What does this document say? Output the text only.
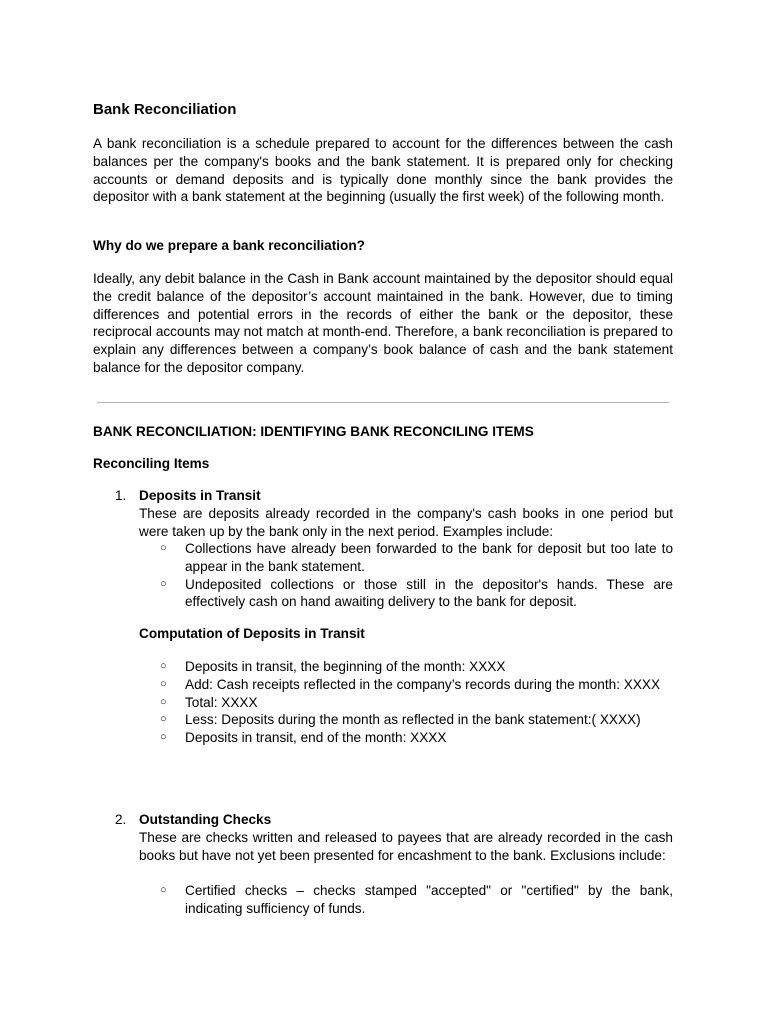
Bank Reconciliation

A bank reconciliation is a schedule prepared to account for the differences between the cash balances per the company's books and the bank statement. It is prepared only for checking accounts or demand deposits and is typically done monthly since the bank provides the depositor with a bank statement at the beginning (usually the first week) of the following month.

Why do we prepare a bank reconciliation?

Ideally, any debit balance in the Cash in Bank account maintained by the depositor should equal the credit balance of the depositor’s account maintained in the bank. However, due to timing differences and potential errors in the records of either the bank or the depositor, these reciprocal accounts may not match at month-end. Therefore, a bank reconciliation is prepared to explain any differences between a company’s book balance of cash and the bank statement balance for the depositor company.

BANK RECONCILIATION: IDENTIFYING BANK RECONCILING ITEMS
Reconciling Items
1. Deposits in Transit

These are deposits already recorded in the company's cash books in one period but were taken up by the bank only in the next period. Examples include:

○ Collections have already been forwarded to the bank for deposit but too late to appear in the bank statement.
○ Undeposited collections or those still in the depositor's hands. These are effectively cash on hand awaiting delivery to the bank for deposit.
Computation of Deposits in Transit
○ Deposits in transit, the beginning of the month: XXXX
○ Add: Cash receipts reflected in the company’s records during the month: XXXX
○ Total: XXXX
○ Less: Deposits during the month as reflected in the bank statement:( XXXX)
○ Deposits in transit, end of the month: XXXX
2. Outstanding Checks

These are checks written and released to payees that are already recorded in the cash books but have not yet been presented for encashment to the bank. Exclusions include:

○ Certified checks – checks stamped "accepted" or "certified" by the bank, indicating sufficiency of funds.
